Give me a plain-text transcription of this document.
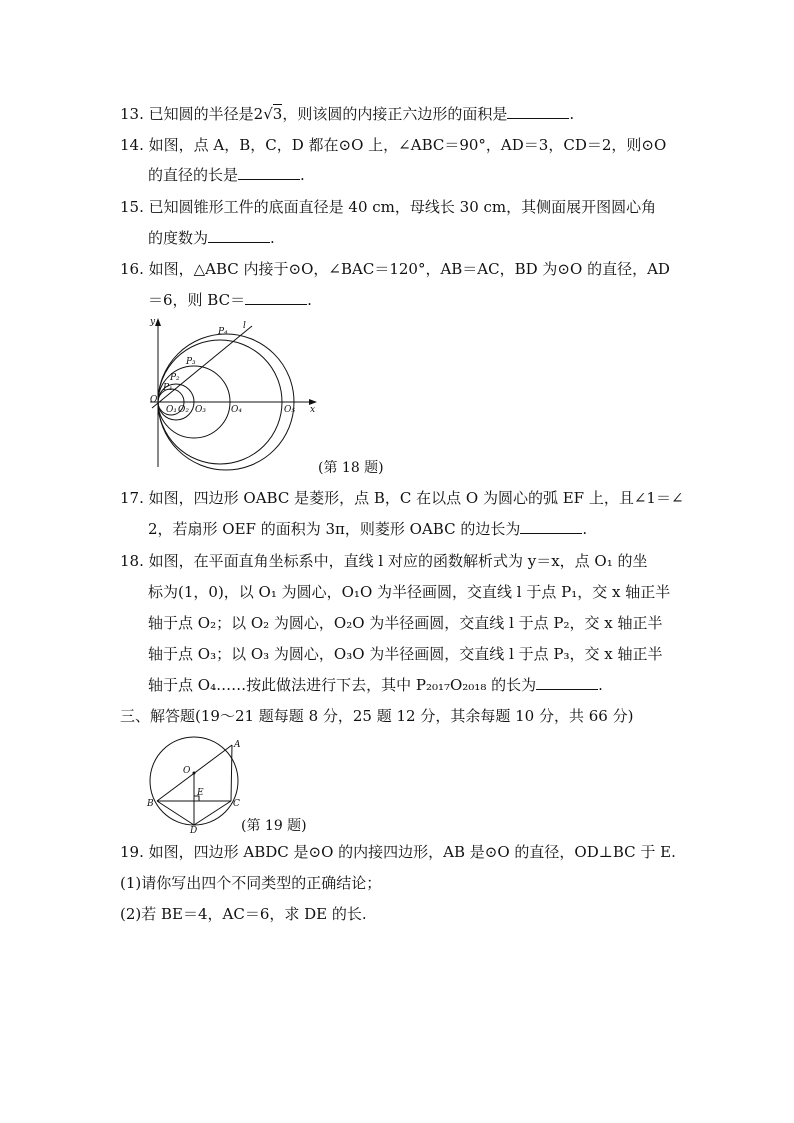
13. 已知圆的半径是2√3，则该圆的内接正六边形的面积是	.
14. 如图，点 A，B，C，D 都在⊙O 上，∠ABC＝90°，AD＝3，CD＝2，则⊙O
的直径的长是	.
15. 已知圆锥形工件的底面直径是 40 cm，母线长 30 cm，其侧面展开图圆心角
的度数为	.
16. 如图，△ABC 内接于⊙O，∠BAC＝120°，AB＝AC，BD 为⊙O 的直径，AD
＝6，则 BC＝	.
y
x
O
l
O₁ O₂ O₃	O₄	O₅
P₁
P₂
P₃
P₄
(第 18 题)
17. 如图，四边形 OABC 是菱形，点 B，C 在以点 O 为圆心的弧 EF 上，且∠1＝∠
2，若扇形 OEF 的面积为 3π，则菱形 OABC 的边长为	.
18. 如图，在平面直角坐标系中，直线 l 对应的函数解析式为 y＝x，点 O₁ 的坐
标为(1，0)，以 O₁ 为圆心，O₁O 为半径画圆，交直线 l 于点 P₁，交 x 轴正半
轴于点 O₂；以 O₂ 为圆心，O₂O 为半径画圆，交直线 l 于点 P₂，交 x 轴正半
轴于点 O₃；以 O₃ 为圆心，O₃O 为半径画圆，交直线 l 于点 P₃，交 x 轴正半
轴于点 O₄……按此做法进行下去，其中 P₂₀₁₇O₂₀₁₈ 的长为	.
三、解答题(19～21 题每题 8 分，25 题 12 分，其余每题 10 分，共 66 分)
A
B	C
D
E
O
(第 19 题)
19. 如图，四边形 ABDC 是⊙O 的内接四边形，AB 是⊙O 的直径，OD⊥BC 于 E.
(1)请你写出四个不同类型的正确结论；
(2)若 BE＝4，AC＝6，求 DE 的长.
